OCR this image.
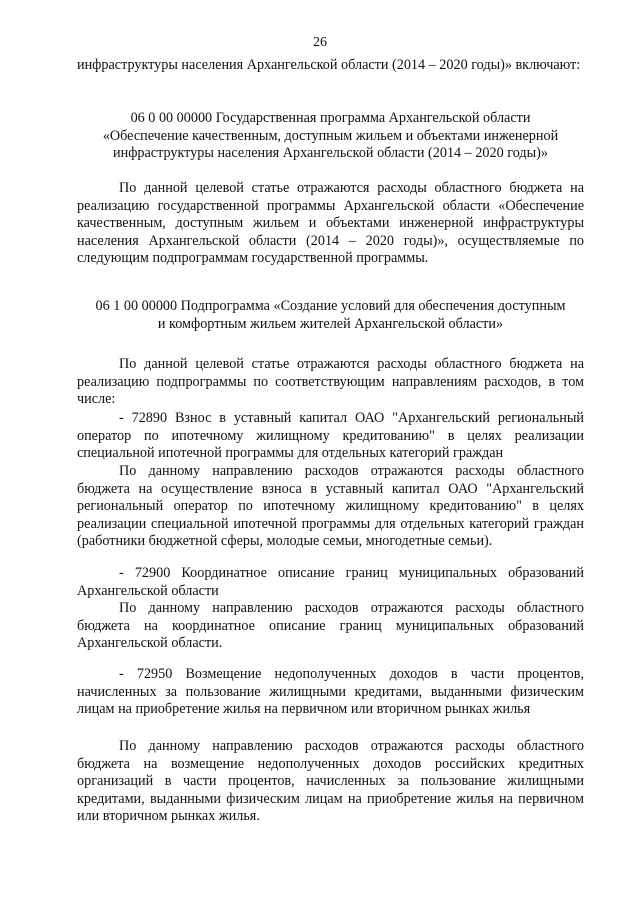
26

инфраструктуры населения Архангельской области (2014 – 2020 годы)» включают:

06 0 00 00000 Государственная программа Архангельской области

«Обеспечение качественным, доступным жильем и объектами инженерной

инфраструктуры населения Архангельской области (2014 – 2020 годы)»

По данной целевой статье отражаются расходы областного бюджета на реализацию государственной программы Архангельской области «Обеспечение качественным, доступным жильем и объектами инженерной инфраструктуры населения Архангельской области (2014 – 2020 годы)», осуществляемые по следующим подпрограммам государственной программы.

06 1 00 00000 Подпрограмма «Создание условий для обеспечения доступным

и комфортным жильем жителей Архангельской области»

По данной целевой статье отражаются расходы областного бюджета на реализацию подпрограммы по соответствующим направлениям расходов, в том числе:

- 72890 Взнос в уставный капитал ОАО "Архангельский региональный оператор по ипотечному жилищному кредитованию" в целях реализации специальной ипотечной программы для отдельных категорий граждан

По данному направлению расходов отражаются расходы областного бюджета на осуществление взноса в уставный капитал ОАО "Архангельский региональный оператор по ипотечному жилищному кредитованию" в целях реализации специальной ипотечной программы для отдельных категорий граждан (работники бюджетной сферы, молодые семьи, многодетные семьи).

- 72900 Координатное описание границ муниципальных образований Архангельской области

По данному направлению расходов отражаются расходы областного бюджета на координатное описание границ муниципальных образований Архангельской области.

- 72950 Возмещение недополученных доходов в части процентов, начисленных за пользование жилищными кредитами, выданными физическим лицам на приобретение жилья на первичном или вторичном рынках жилья

По данному направлению расходов отражаются расходы областного бюджета на возмещение недополученных доходов российских кредитных организаций в части процентов, начисленных за пользование жилищными кредитами, выданными физическим лицам на приобретение жилья на первичном или вторичном рынках жилья.
